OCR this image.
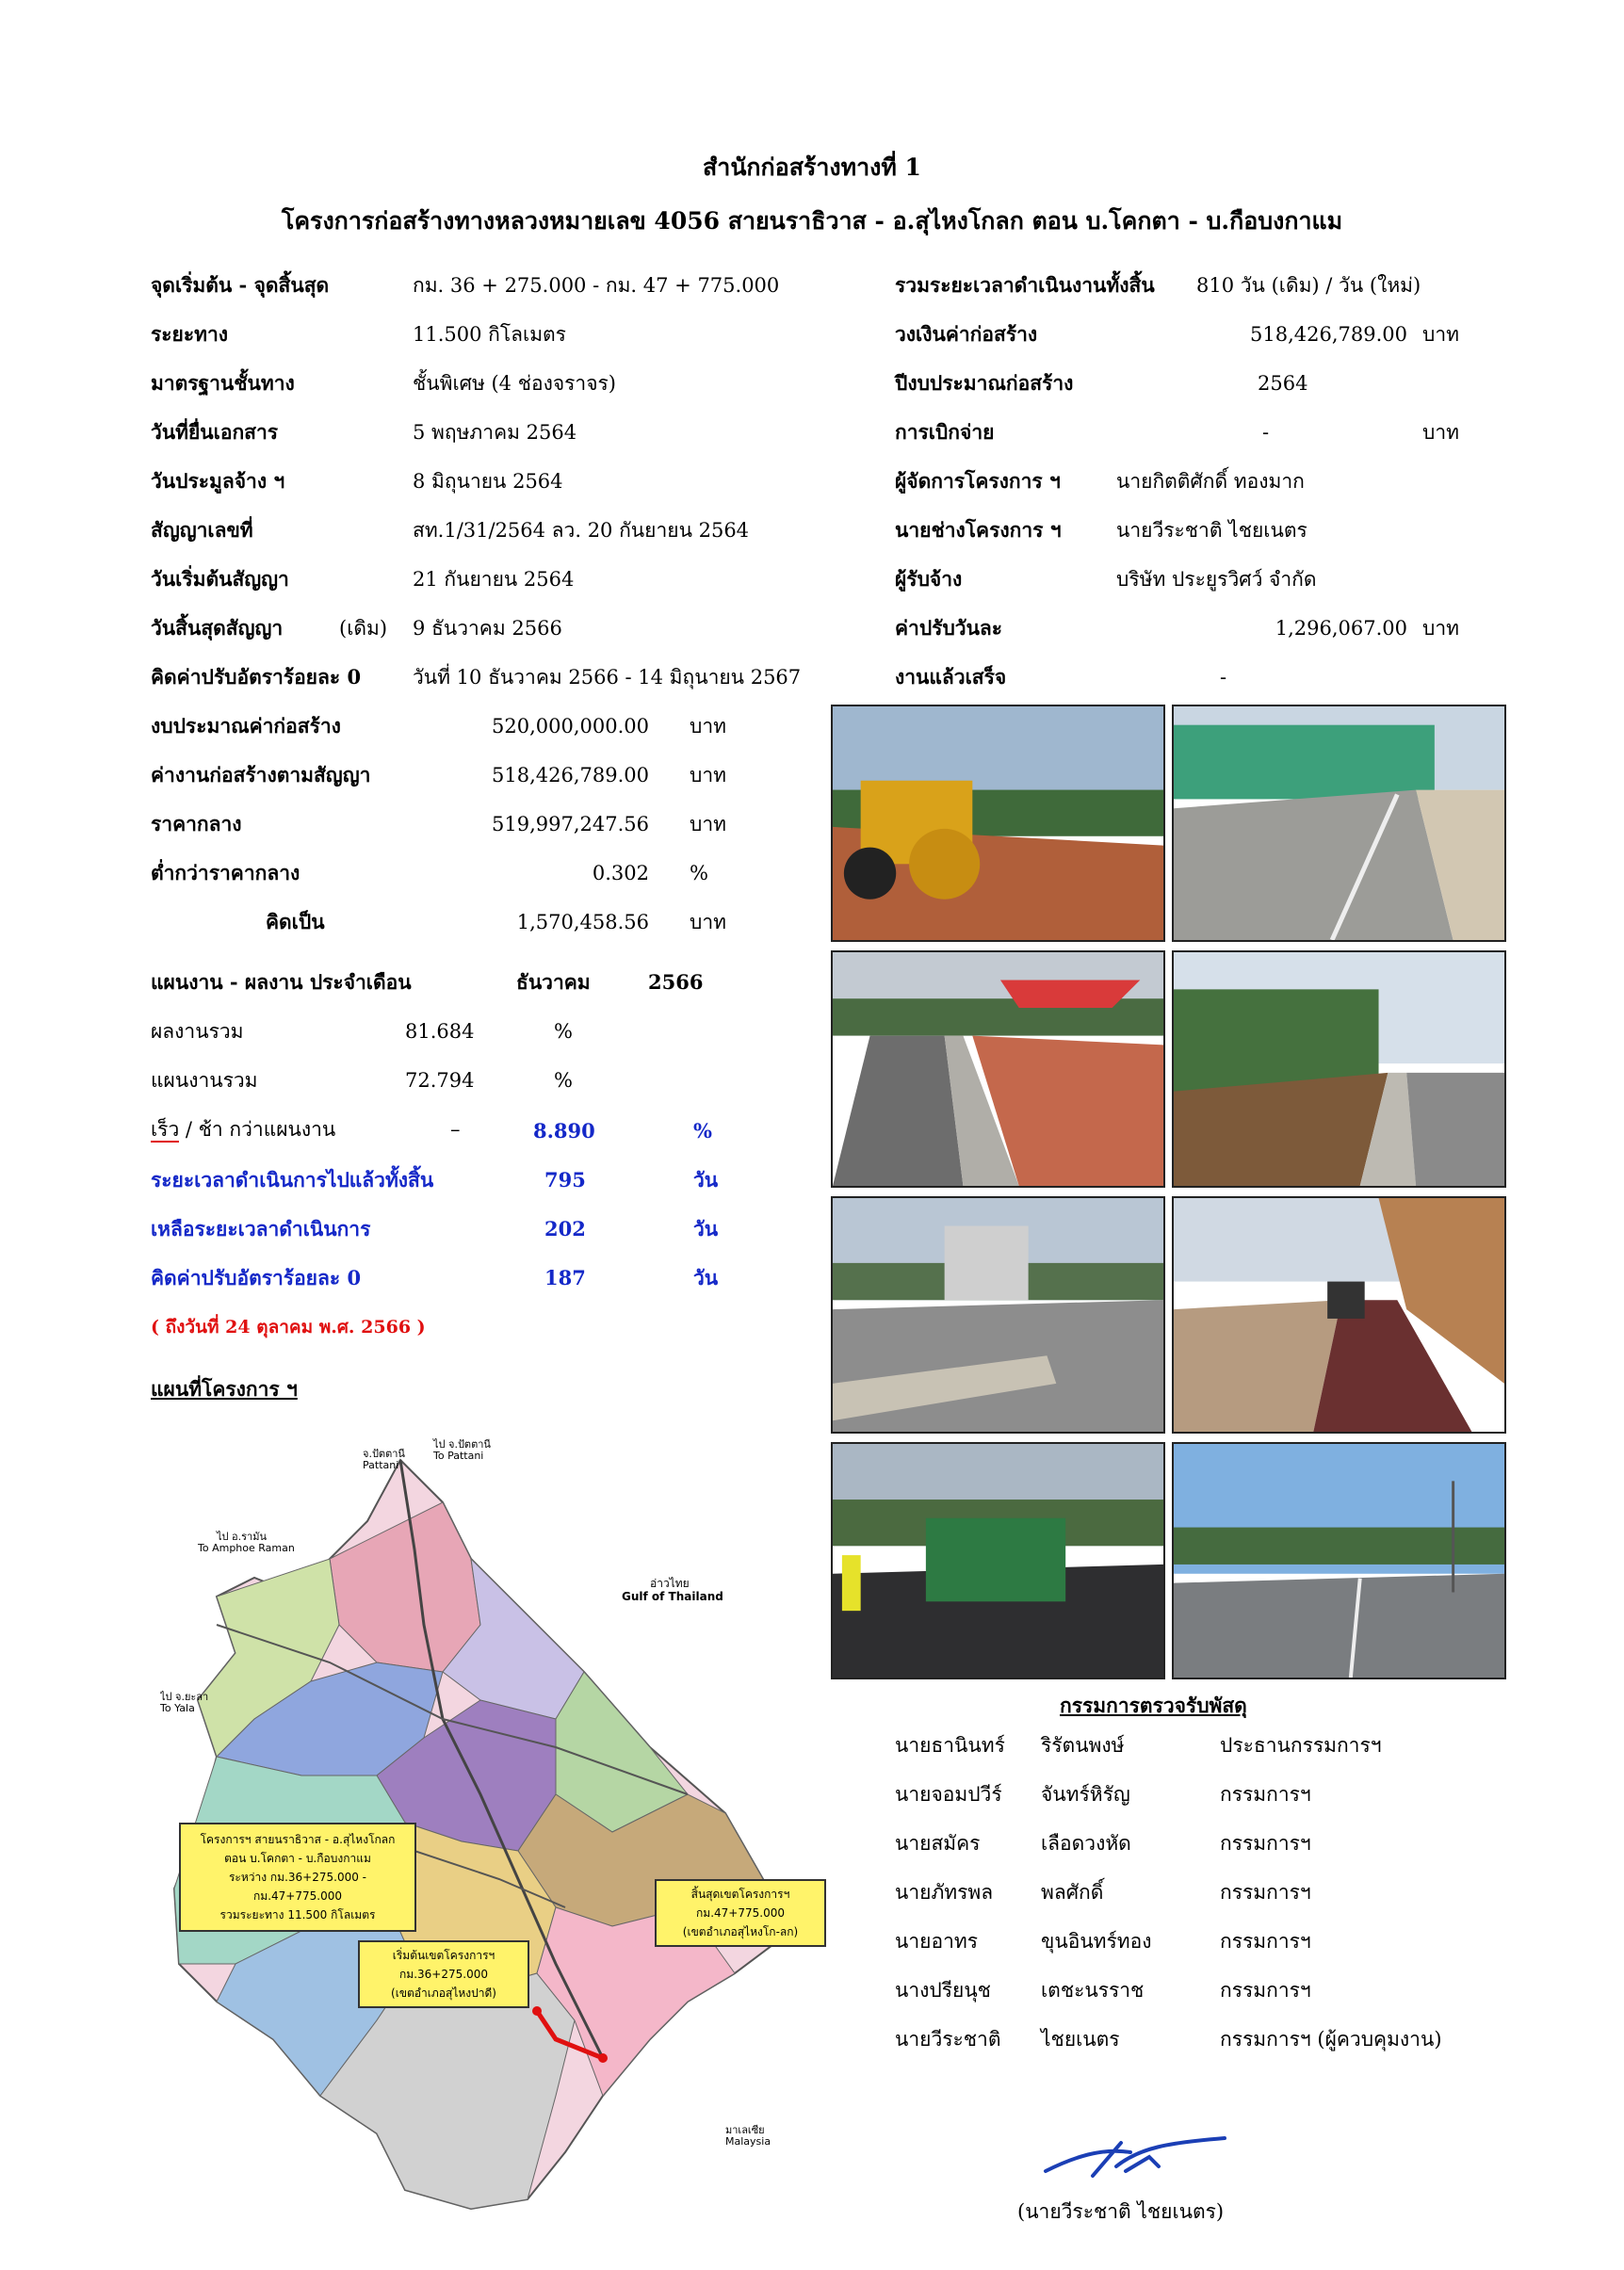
สำนักก่อสร้างทางที่ 1
โครงการก่อสร้างทางหลวงหมายเลข 4056 สายนราธิวาส - อ.สุไหงโกลก ตอน บ.โคกตา - บ.กือบงกาแม
จุดเริ่มต้น - จุดสิ้นสุด	กม. 36 + 275.000 - กม. 47 + 775.000
ระยะทาง	11.500 กิโลเมตร
มาตรฐานชั้นทาง	ชั้นพิเศษ (4 ช่องจราจร)
วันที่ยื่นเอกสาร	5 พฤษภาคม 2564
วันประมูลจ้าง ฯ	8 มิถุนายน 2564
สัญญาเลขที่	สท.1/31/2564 ลว. 20 กันยายน 2564
วันเริ่มต้นสัญญา	21 กันยายน 2564
วันสิ้นสุดสัญญา	(เดิม) 9 ธันวาคม 2566
คิดค่าปรับอัตราร้อยละ 0	วันที่ 10 ธันวาคม 2566 - 14 มิถุนายน 2567
รวมระยะเวลาดำเนินงานทั้งสิ้น 810 วัน (เดิม) / วัน (ใหม่)
วงเงินค่าก่อสร้าง	518,426,789.00 บาท
ปีงบประมาณก่อสร้าง	2564
การเบิกจ่าย	-	บาท
ผู้จัดการโครงการ ฯ	นายกิตติศักดิ์ ทองมาก
นายช่างโครงการ ฯ	นายวีระชาติ ไชยเนตร
ผู้รับจ้าง	บริษัท ประยูรวิศว์ จำกัด
ค่าปรับวันละ	1,296,067.00 บาท
งานแล้วเสร็จ	-
งบประมาณค่าก่อสร้าง	520,000,000.00 บาท
ค่างานก่อสร้างตามสัญญา	518,426,789.00 บาท
ราคากลาง	519,997,247.56 บาท
ต่ำกว่าราคากลาง	0.302 %
คิดเป็น	1,570,458.56 บาท
แผนงาน - ผลงาน ประจำเดือน	ธันวาคม	2566
ผลงานรวม	81.684	%
แผนงานรวม	72.794	%
เร็ว / ช้า กว่าแผนงาน	–	8.890	%
ระยะเวลาดำเนินการไปแล้วทั้งสิ้น	795	วัน
เหลือระยะเวลาดำเนินการ	202	วัน
คิดค่าปรับอัตราร้อยละ 0	187	วัน
( ถึงวันที่ 24 ตุลาคม พ.ศ. 2566 )
แผนที่โครงการ ฯ
จ.ปัตตานี
Pattani
ไป จ.ปัตตานี
To Pattani
อ่าวไทย
Gulf of Thailand
ไป จ.ยะลา
To Yala
ไป อ.รามัน
To Amphoe Raman
มาเลเซีย
Malaysia
โครงการฯ สายนราธิวาส - อ.สุไหงโกลก
ตอน บ.โคกตา - บ.กือบงกาแม
ระหว่าง กม.36+275.000 - กม.47+775.000
รวมระยะทาง 11.500 กิโลเมตร
เริ่มต้นเขตโครงการฯ
กม.36+275.000
(เขตอำเภอสุไหงปาดี)
สิ้นสุดเขตโครงการฯ
กม.47+775.000
(เขตอำเภอสุไหงโก-ลก)
กรรมการตรวจรับพัสดุ
นายธานินทร์ ริรัตนพงษ์	ประธานกรรมการฯ
นายจอมปวีร์ จันทร์หิรัญ	กรรมการฯ
นายสมัคร	เลือดวงหัด	กรรมการฯ
นายภัทรพล พลศักดิ์	กรรมการฯ
นายอาทร	ขุนอินทร์ทอง	กรรมการฯ
นางปรียนุช	เตชะนรราช	กรรมการฯ
นายวีระชาติ ไชยเนตร	กรรมการฯ (ผู้ควบคุมงาน)
(นายวีระชาติ ไชยเนตร)
